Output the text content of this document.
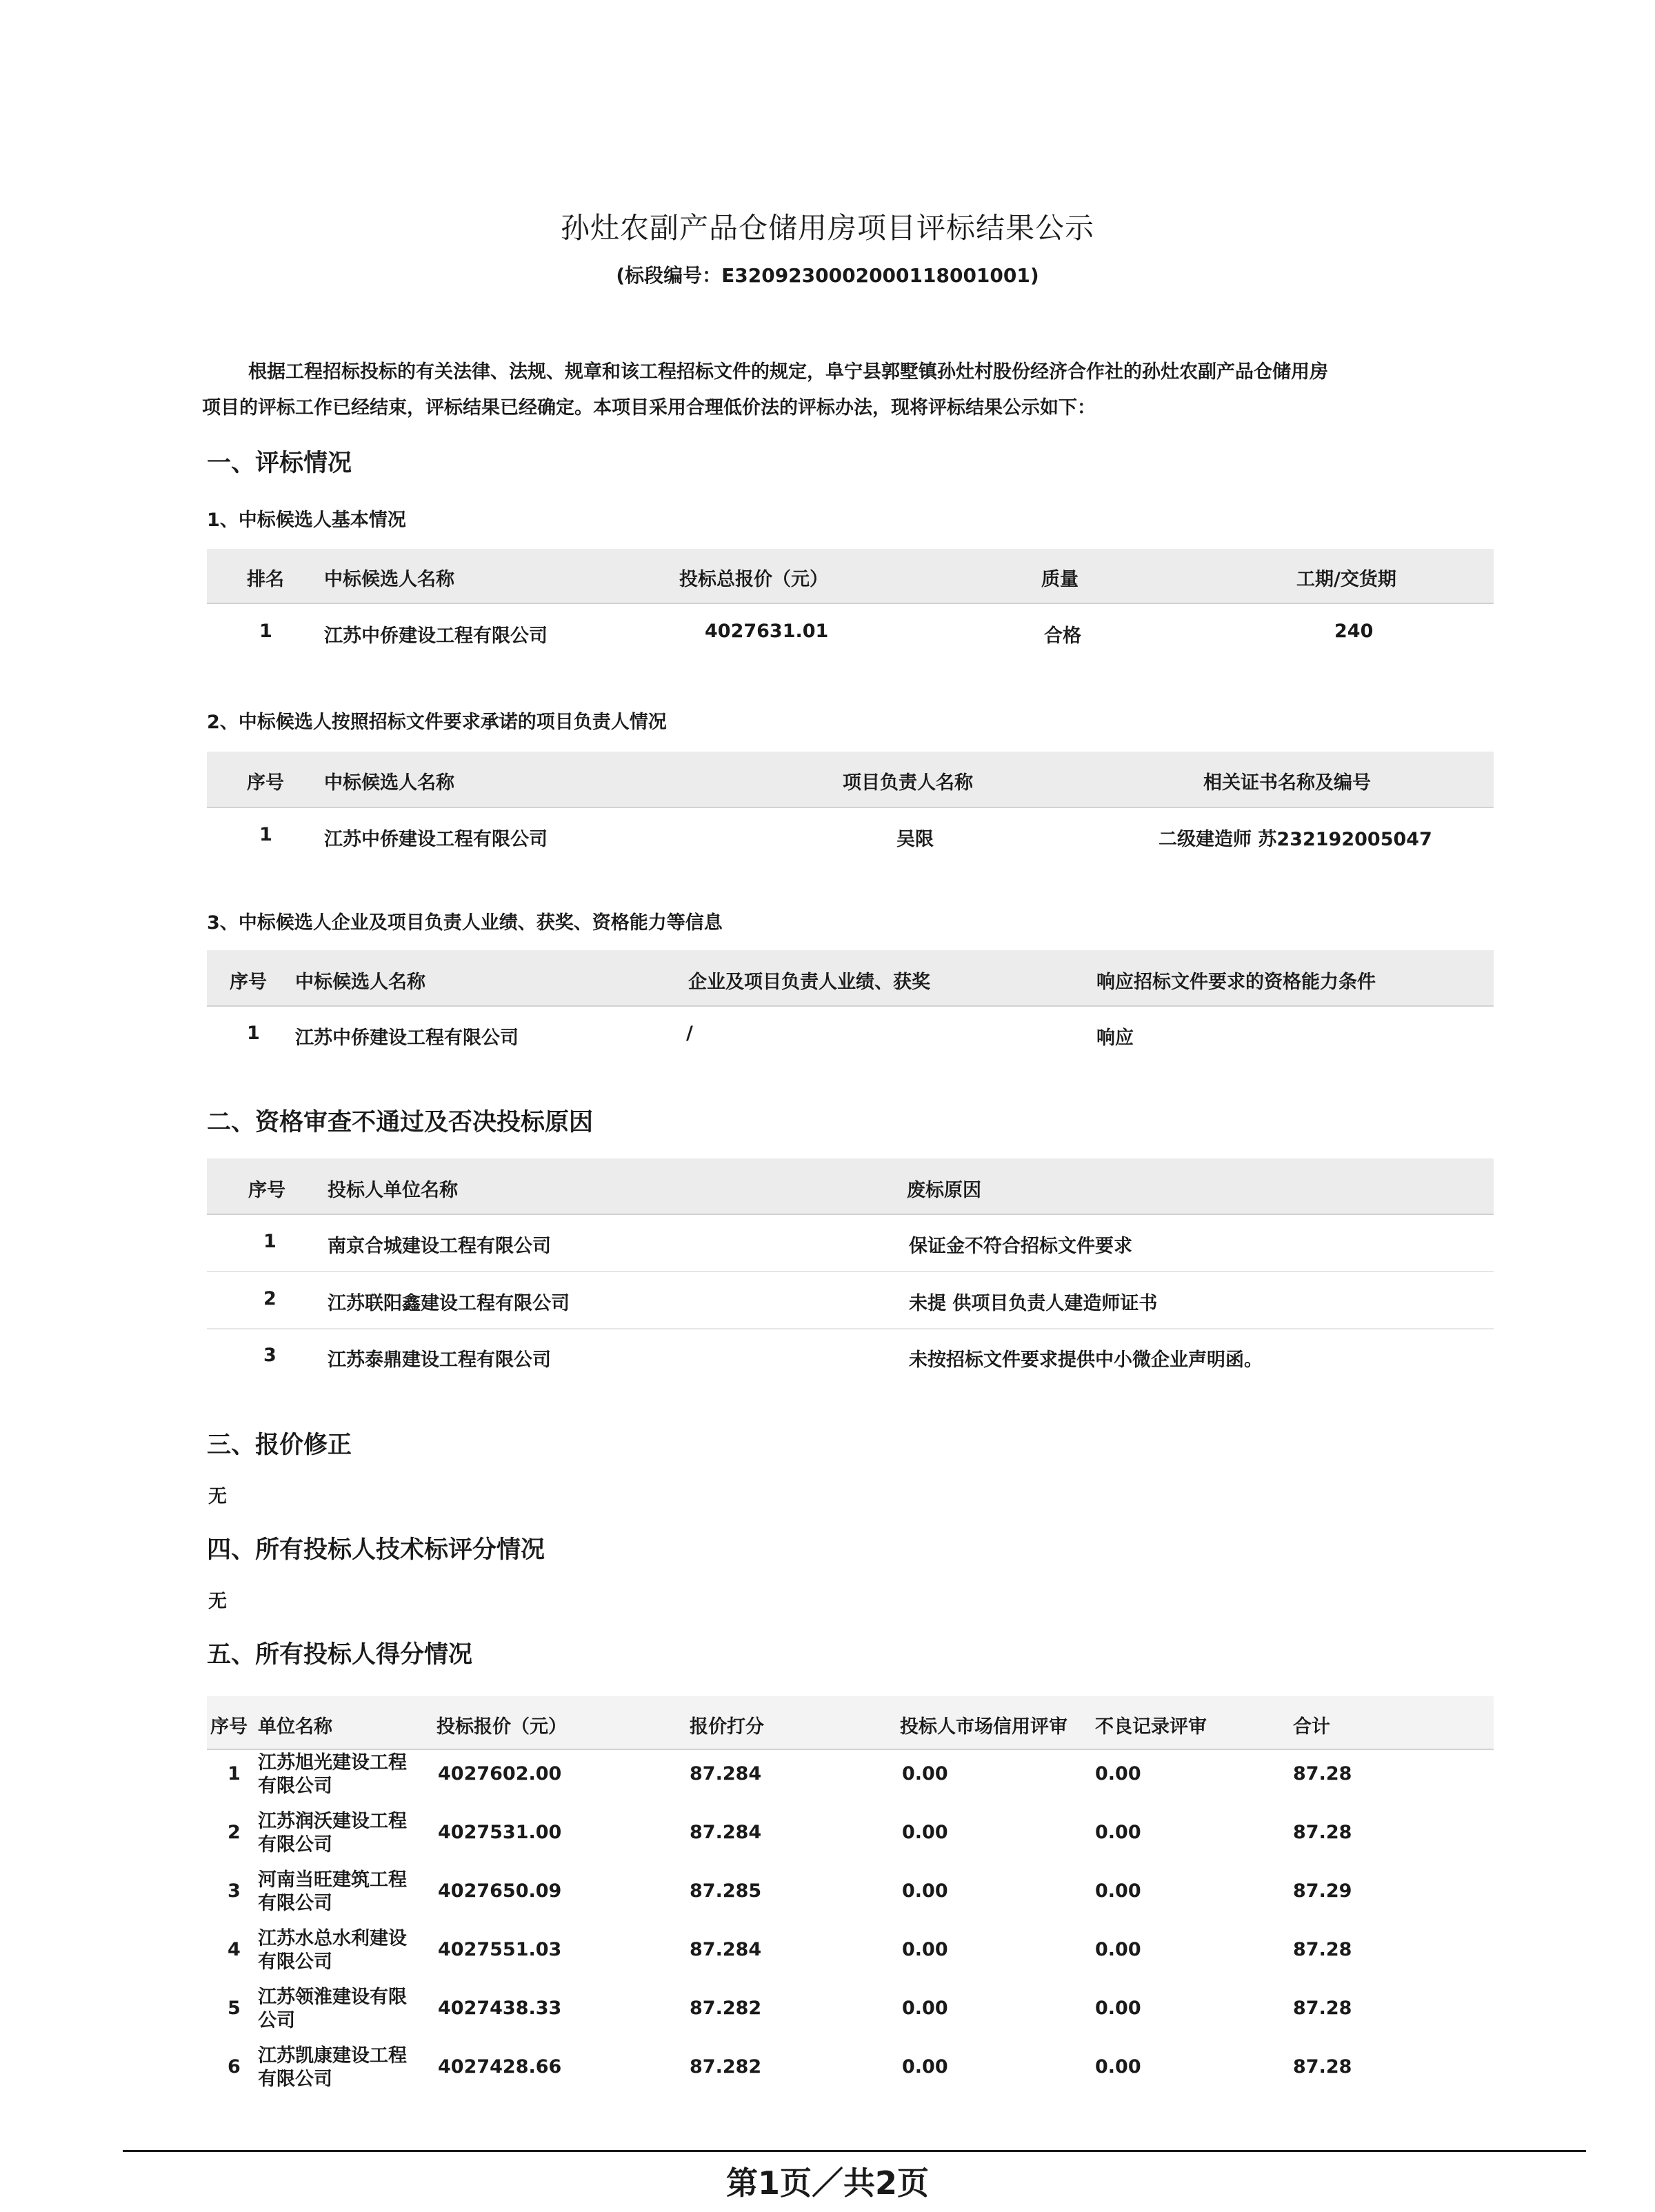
孙灶农副产品仓储用房项目评标结果公示
(标段编号：E3209230002000118001001)
根据工程招标投标的有关法律、法规、规章和该工程招标文件的规定，阜宁县郭墅镇孙灶村股份经济合作社的孙灶农副产品仓储用房
项目的评标工作已经结束，评标结果已经确定。本项目采用合理低价法的评标办法，现将评标结果公示如下：
一、评标情况
1、中标候选人基本情况
排名 中标候选人名称	投标总报价（元）	质量	工期/交货期
1	江苏中侨建设工程有限公司	4027631.01	合格	240
2、中标候选人按照招标文件要求承诺的项目负责人情况
序号 中标候选人名称	项目负责人名称	相关证书名称及编号
1	江苏中侨建设工程有限公司	吴限	二级建造师 苏232192005047
3、中标候选人企业及项目负责人业绩、获奖、资格能力等信息
序号 中标候选人名称	企业及项目负责人业绩、获奖	响应招标文件要求的资格能力条件
1 江苏中侨建设工程有限公司	/	响应
二、资格审查不通过及否决投标原因
序号 投标人单位名称	废标原因
1	南京合城建设工程有限公司	保证金不符合招标文件要求
2	江苏联阳鑫建设工程有限公司	未提 供项目负责人建造师证书
3	江苏泰鼎建设工程有限公司	未按招标文件要求提供中小微企业声明函。
三、报价修正
无
四、所有投标人技术标评分情况
无
五、所有投标人得分情况
序号 单位名称	投标报价（元）	报价打分	投标人市场信用评审 不良记录评审	合计
1
江苏旭光建设工程
有限公司
4027602.00	87.284	0.00	0.00	87.28
2
江苏润沃建设工程
有限公司
4027531.00	87.284	0.00	0.00	87.28
3
河南当旺建筑工程
有限公司
4027650.09	87.285	0.00	0.00	87.29
4
江苏水总水利建设
有限公司
4027551.03	87.284	0.00	0.00	87.28
5
江苏领淮建设有限
公司
4027438.33	87.282	0.00	0.00	87.28
6
江苏凯康建设工程
有限公司
4027428.66	87.282	0.00	0.00	87.28
第1页／共2页
